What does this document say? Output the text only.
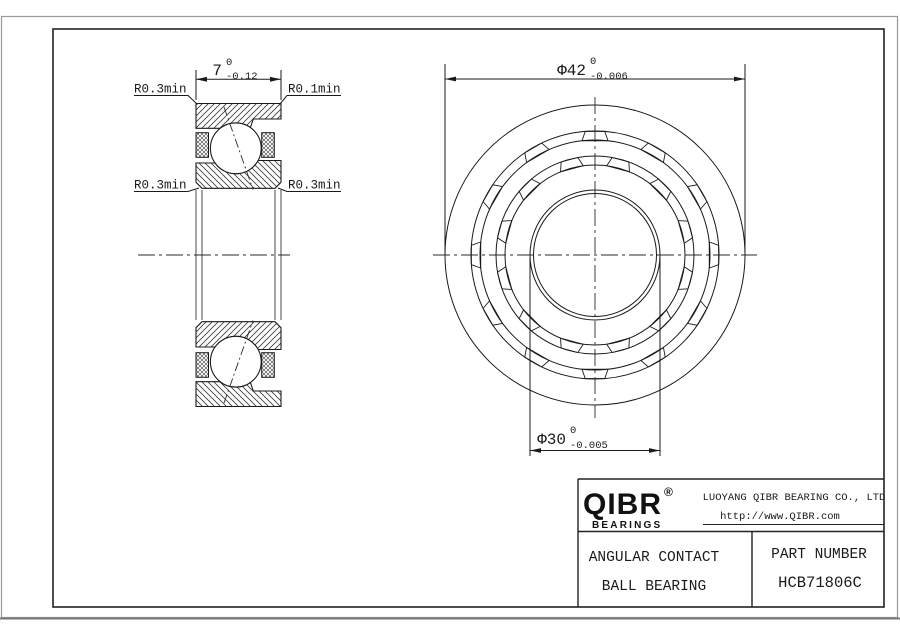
7 0
-0.12
R0.3min	R0.1min
R0.3min	R0.3min
Φ42 0
-0.006
Φ30 0
-0.005
QIBR ®
BEARINGS
LUOYANG QIBR BEARING CO., LTD
http://www.QIBR.com
ANGULAR CONTACT
BALL BEARING
PART NUMBER
HCB71806C
